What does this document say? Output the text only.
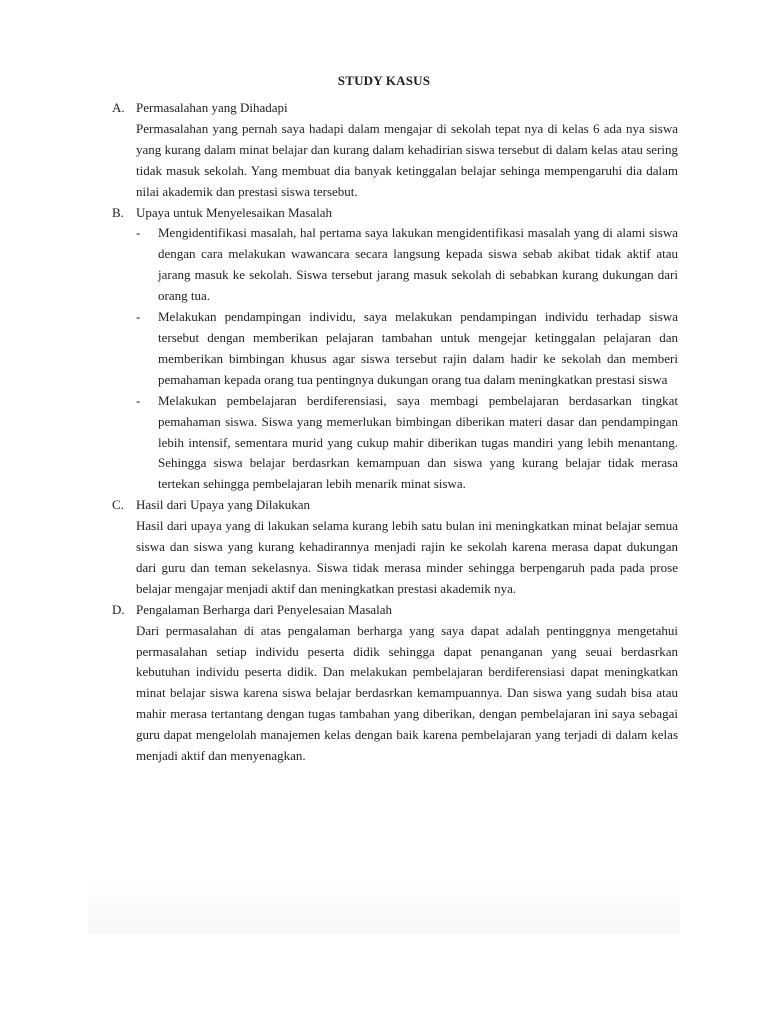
STUDY KASUS
A. Permasalahan yang Dihadapi
Permasalahan yang pernah saya hadapi dalam mengajar di sekolah tepat nya di kelas 6 ada nya siswa yang kurang dalam minat belajar dan kurang dalam kehadirian siswa tersebut di dalam kelas atau sering tidak masuk sekolah. Yang membuat dia banyak ketinggalan belajar sehinga mempengaruhi dia dalam nilai akademik dan prestasi siswa tersebut.
B. Upaya untuk Menyelesaikan Masalah
- Mengidentifikasi masalah, hal pertama saya lakukan mengidentifikasi masalah yang di alami siswa dengan cara melakukan wawancara secara langsung kepada siswa sebab akibat tidak aktif atau jarang masuk ke sekolah. Siswa tersebut jarang masuk sekolah di sebabkan kurang dukungan dari orang tua.
- Melakukan pendampingan individu, saya melakukan pendampingan individu terhadap siswa tersebut dengan memberikan pelajaran tambahan untuk mengejar ketinggalan pelajaran dan memberikan bimbingan khusus agar siswa tersebut rajin dalam hadir ke sekolah dan memberi pemahaman kepada orang tua pentingnya dukungan orang tua dalam meningkatkan prestasi siswa
- Melakukan pembelajaran berdiferensiasi, saya membagi pembelajaran berdasarkan tingkat pemahaman siswa. Siswa yang memerlukan bimbingan diberikan materi dasar dan pendampingan lebih intensif, sementara murid yang cukup mahir diberikan tugas mandiri yang lebih menantang. Sehingga siswa belajar berdasrkan kemampuan dan siswa yang kurang belajar tidak merasa tertekan sehingga pembelajaran lebih menarik minat siswa.
C. Hasil dari Upaya yang Dilakukan
Hasil dari upaya yang di lakukan selama kurang lebih satu bulan ini meningkatkan minat belajar semua siswa dan siswa yang kurang kehadirannya menjadi rajin ke sekolah karena merasa dapat dukungan dari guru dan teman sekelasnya. Siswa tidak merasa minder sehingga berpengaruh pada pada prose belajar mengajar menjadi aktif dan meningkatkan prestasi akademik nya.
D. Pengalaman Berharga dari Penyelesaian Masalah
Dari permasalahan di atas pengalaman berharga yang saya dapat adalah pentinggnya mengetahui permasalahan setiap individu peserta didik sehingga dapat penanganan yang seuai berdasrkan kebutuhan individu peserta didik. Dan melakukan pembelajaran berdiferensiasi dapat meningkatkan minat belajar siswa karena siswa belajar berdasrkan kemampuannya. Dan siswa yang sudah bisa atau mahir merasa tertantang dengan tugas tambahan yang diberikan, dengan pembelajaran ini saya sebagai guru dapat mengelolah manajemen kelas dengan baik karena pembelajaran yang terjadi di dalam kelas menjadi aktif dan menyenagkan.
